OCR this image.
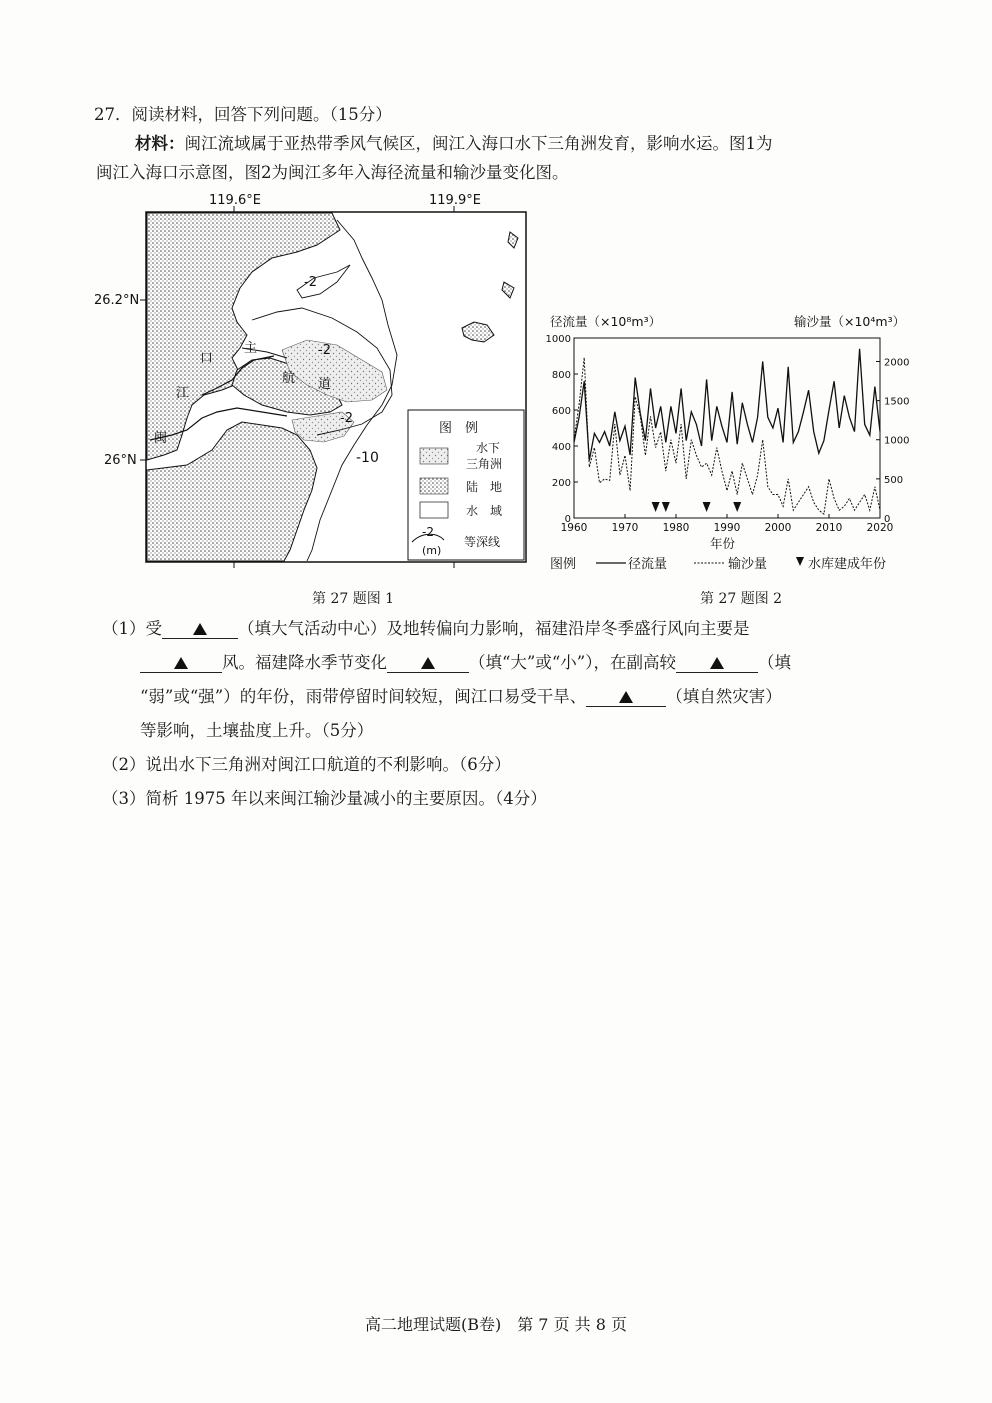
27．阅读材料，回答下列问题。（15分）
材料：闽江流域属于亚热带季风气候区，闽江入海口水下三角洲发育，影响水运。图1为
闽江入海口示意图，图2为闽江多年入海径流量和输沙量变化图。
119.6°E	119.9°E
26.2°N
26°N
-2
-2
-2
-10
口
江
闽
主
航 道
图　例
水下
三角洲
陆　地
水　域
-2
(m)
等深线
第 27 题图 1
径流量（×10⁸m³）	输沙量（×10⁴m³）
1000
800
600
400
200
0
2000
1500
1000
500
0
1960 1970 1980 1990 2000 2010 2020
年份
图例	径流量	输沙量	水库建成年份
第 27 题图 2
（1）受	（填大气活动中心）及地转偏向力影响，福建沿岸冬季盛行风向主要是
风。福建降水季节变化	（填“大”或“小”），在副高较	（填
“弱”或“强”）的年份，雨带停留时间较短，闽江口易受干旱、	（填自然灾害）
等影响，土壤盐度上升。（5分）
（2）说出水下三角洲对闽江口航道的不利影响。（6分）
（3）简析 1975 年以来闽江输沙量减小的主要原因。（4分）
高二地理试题(B卷)　第 7 页 共 8 页
